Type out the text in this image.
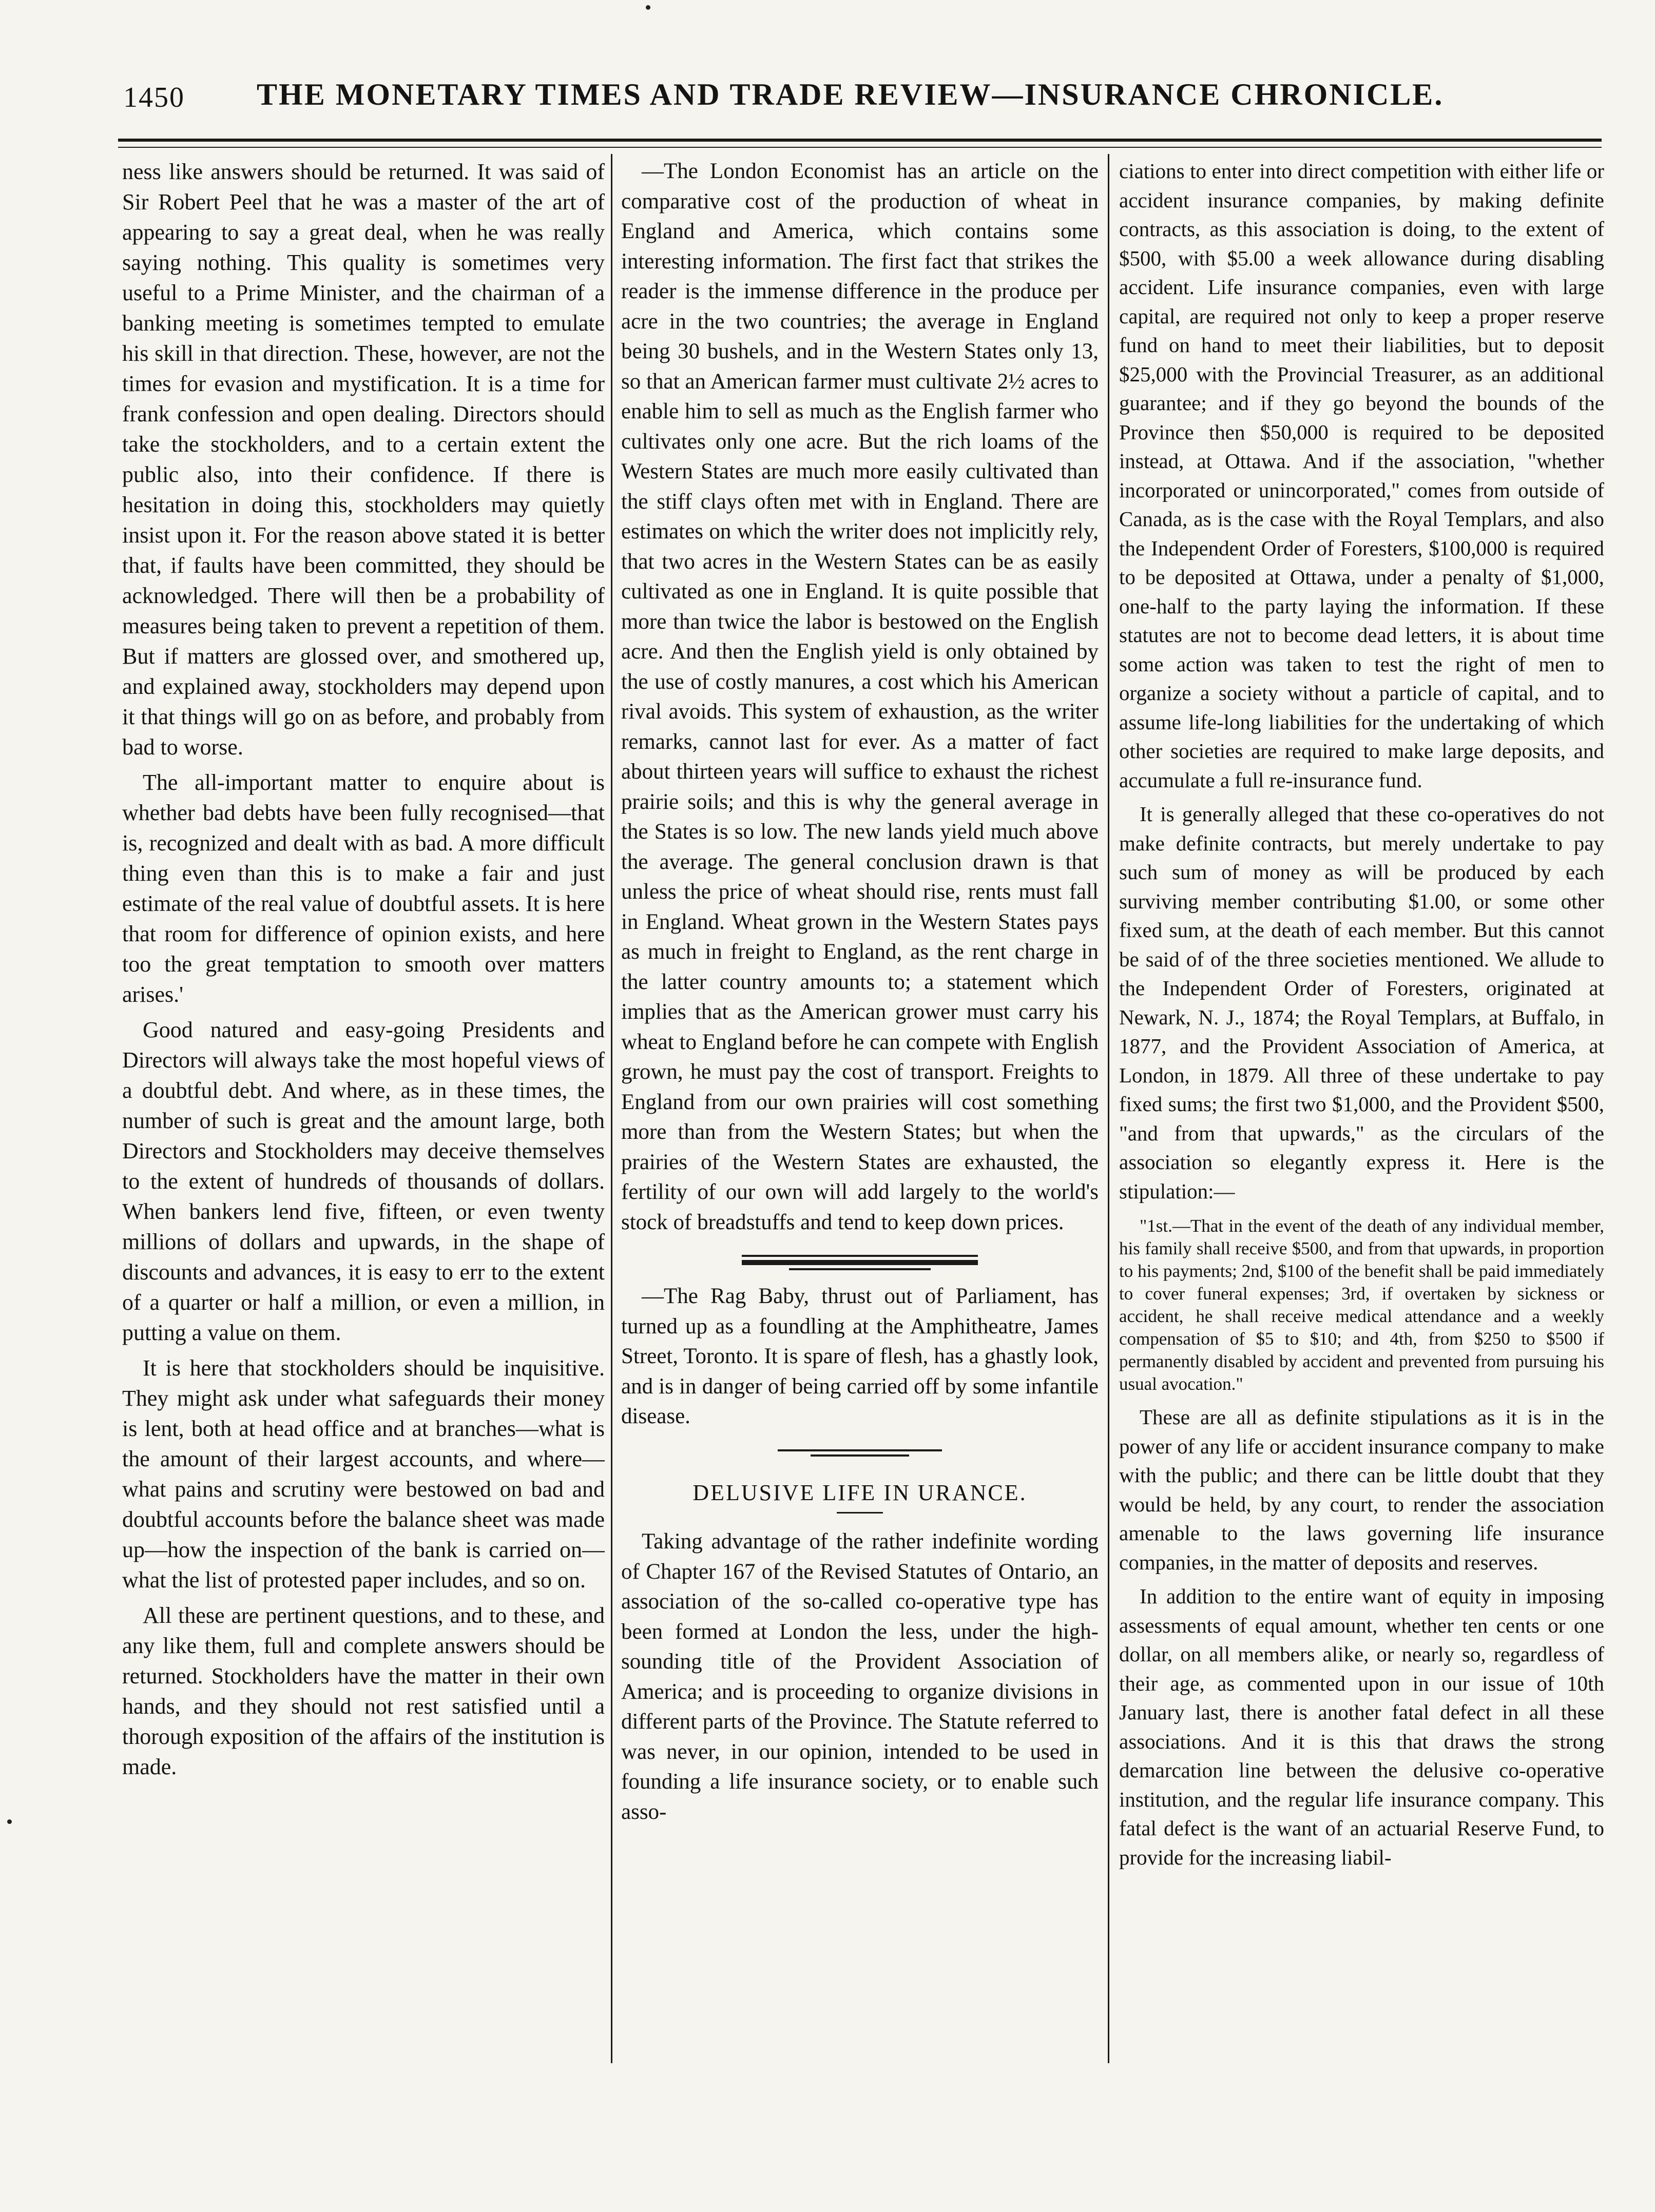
1450 THE MONETARY TIMES AND TRADE REVIEW—INSURANCE CHRONICLE.

ness like answers should be returned. It was said of Sir Robert Peel that he was a master of the art of appearing to say a great deal, when he was really saying nothing. This quality is sometimes very useful to a Prime Minister, and the chairman of a banking meeting is sometimes tempted to emulate his skill in that direction. These, however, are not the times for evasion and mystification. It is a time for frank confession and open dealing. Directors should take the stockholders, and to a certain extent the public also, into their confidence. If there is hesitation in doing this, stockholders may quietly insist upon it. For the reason above stated it is better that, if faults have been committed, they should be acknowledged. There will then be a probability of measures being taken to prevent a repetition of them. But if matters are glossed over, and smothered up, and explained away, stockholders may depend upon it that things will go on as before, and probably from bad to worse.

The all-important matter to enquire about is whether bad debts have been fully recognised—that is, recognized and dealt with as bad. A more difficult thing even than this is to make a fair and just estimate of the real value of doubtful assets. It is here that room for difference of opinion exists, and here too the great temptation to smooth over matters arises.'

Good natured and easy-going Presidents and Directors will always take the most hopeful views of a doubtful debt. And where, as in these times, the number of such is great and the amount large, both Directors and Stockholders may deceive themselves to the extent of hundreds of thousands of dollars. When bankers lend five, fifteen, or even twenty millions of dollars and upwards, in the shape of discounts and advances, it is easy to err to the extent of a quarter or half a million, or even a million, in putting a value on them.

It is here that stockholders should be inquisitive. They might ask under what safeguards their money is lent, both at head office and at branches—what is the amount of their largest accounts, and where—what pains and scrutiny were bestowed on bad and doubtful accounts before the balance sheet was made up—how the inspection of the bank is carried on—what the list of protested paper includes, and so on.

All these are pertinent questions, and to these, and any like them, full and complete answers should be returned. Stockholders have the matter in their own hands, and they should not rest satisfied until a thorough exposition of the affairs of the institution is made.

—The London Economist has an article on the comparative cost of the production of wheat in England and America, which contains some interesting information. The first fact that strikes the reader is the immense difference in the produce per acre in the two countries; the average in England being 30 bushels, and in the Western States only 13, so that an American farmer must cultivate 2½ acres to enable him to sell as much as the English farmer who cultivates only one acre. But the rich loams of the Western States are much more easily cultivated than the stiff clays often met with in England. There are estimates on which the writer does not implicitly rely, that two acres in the Western States can be as easily cultivated as one in England. It is quite possible that more than twice the labor is bestowed on the English acre. And then the English yield is only obtained by the use of costly manures, a cost which his American rival avoids. This system of exhaustion, as the writer remarks, cannot last for ever. As a matter of fact about thirteen years will suffice to exhaust the richest prairie soils; and this is why the general average in the States is so low. The new lands yield much above the average. The general conclusion drawn is that unless the price of wheat should rise, rents must fall in England. Wheat grown in the Western States pays as much in freight to England, as the rent charge in the latter country amounts to; a statement which implies that as the American grower must carry his wheat to England before he can compete with English grown, he must pay the cost of transport. Freights to England from our own prairies will cost something more than from the Western States; but when the prairies of the Western States are exhausted, the fertility of our own will add largely to the world's stock of breadstuffs and tend to keep down prices.

—The Rag Baby, thrust out of Parliament, has turned up as a foundling at the Amphitheatre, James Street, Toronto. It is spare of flesh, has a ghastly look, and is in danger of being carried off by some infantile disease.

DELUSIVE LIFE IN URANCE.

Taking advantage of the rather indefinite wording of Chapter 167 of the Revised Statutes of Ontario, an association of the so-called co-operative type has been formed at London the less, under the high-sounding title of the Provident Association of America; and is proceeding to organize divisions in different parts of the Province. The Statute referred to was never, in our opinion, intended to be used in founding a life insurance society, or to enable such asso-

ciations to enter into direct competition with either life or accident insurance companies, by making definite contracts, as this association is doing, to the extent of $500, with $5.00 a week allowance during disabling accident. Life insurance companies, even with large capital, are required not only to keep a proper reserve fund on hand to meet their liabilities, but to deposit $25,000 with the Provincial Treasurer, as an additional guarantee; and if they go beyond the bounds of the Province then $50,000 is required to be deposited instead, at Ottawa. And if the association, "whether incorporated or unincorporated," comes from outside of Canada, as is the case with the Royal Templars, and also the Independent Order of Foresters, $100,000 is required to be deposited at Ottawa, under a penalty of $1,000, one-half to the party laying the information. If these statutes are not to become dead letters, it is about time some action was taken to test the right of men to organize a society without a particle of capital, and to assume life-long liabilities for the undertaking of which other societies are required to make large deposits, and accumulate a full re-insurance fund.

It is generally alleged that these co-operatives do not make definite contracts, but merely undertake to pay such sum of money as will be produced by each surviving member contributing $1.00, or some other fixed sum, at the death of each member. But this cannot be said of of the three societies mentioned. We allude to the Independent Order of Foresters, originated at Newark, N. J., 1874; the Royal Templars, at Buffalo, in 1877, and the Provident Association of America, at London, in 1879. All three of these undertake to pay fixed sums; the first two $1,000, and the Provident $500, "and from that upwards," as the circulars of the association so elegantly express it. Here is the stipulation:—

"1st.—That in the event of the death of any individual member, his family shall receive $500, and from that upwards, in proportion to his payments; 2nd, $100 of the benefit shall be paid immediately to cover funeral expenses; 3rd, if overtaken by sickness or accident, he shall receive medical attendance and a weekly compensation of $5 to $10; and 4th, from $250 to $500 if permanently disabled by accident and prevented from pursuing his usual avocation."

These are all as definite stipulations as it is in the power of any life or accident insurance company to make with the public; and there can be little doubt that they would be held, by any court, to render the association amenable to the laws governing life insurance companies, in the matter of deposits and reserves.

In addition to the entire want of equity in imposing assessments of equal amount, whether ten cents or one dollar, on all members alike, or nearly so, regardless of their age, as commented upon in our issue of 10th January last, there is another fatal defect in all these associations. And it is this that draws the strong demarcation line between the delusive co-operative institution, and the regular life insurance company. This fatal defect is the want of an actuarial Reserve Fund, to provide for the increasing liabil-
